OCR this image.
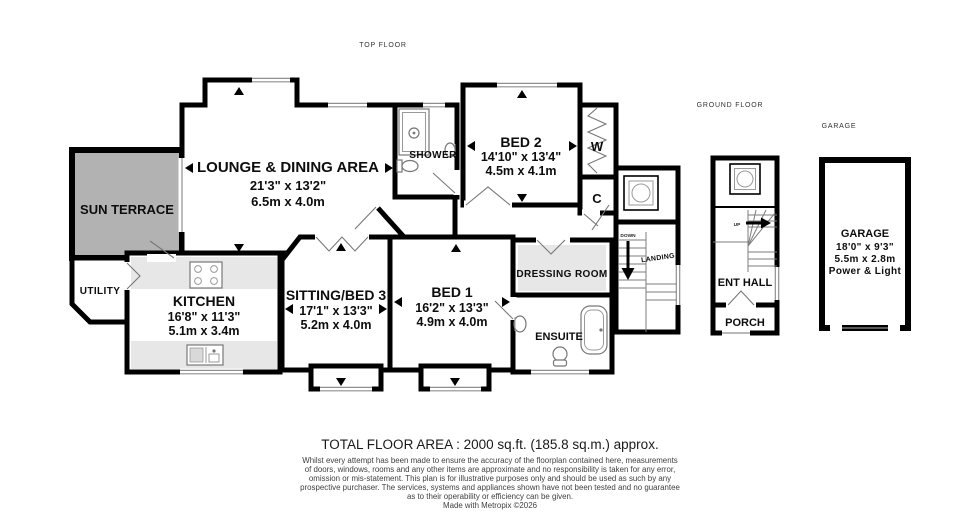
TOP FLOOR
GROUND FLOOR
GARAGE
SUN TERRACE
LOUNGE & DINING AREA
21'3" x 13'2"
6.5m x 4.0m
SHOWER
BED 2
14'10" x 13'4"
4.5m x 4.1m
W
C
DOWN
LANDING
DRESSING ROOM
ENSUITE
KITCHEN
16'8" x 11'3"
5.1m x 3.4m
UTILITY	SITTING/BED 3
17'1" x 13'3"
5.2m x 4.0m
BED 1
16'2" x 13'3"
4.9m x 4.0m
UP
ENT HALL
PORCH
GARAGE
18'0" x 9'3"
5.5m x 2.8m
Power & Light
TOTAL FLOOR AREA : 2000 sq.ft. (185.8 sq.m.) approx.
Whilst every attempt has been made to ensure the accuracy of the floorplan contained here, measurements
of doors, windows, rooms and any other items are approximate and no responsibility is taken for any error,
omission or mis-statement. This plan is for illustrative purposes only and should be used as such by any
prospective purchaser. The services, systems and appliances shown have not been tested and no guarantee
as to their operability or efficiency can be given.
Made with Metropix ©2026
